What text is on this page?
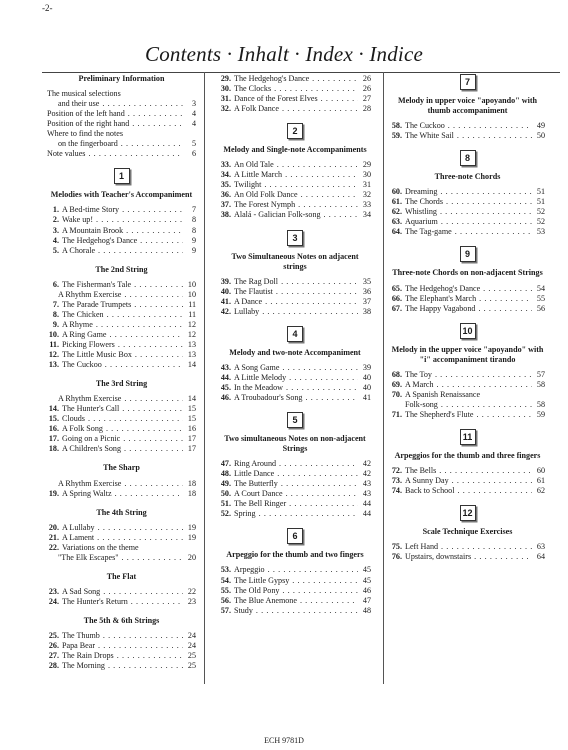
-2-
Contents · Inhalt · Index · Indice
Preliminary Information
The musical selections
and their use . . .	3
Position of the left hand . . .	4
Position of the right hand . . .	4
Where to find the notes
on the fingerboard . . .	5
Note values . . .	6
1
Melodies with Teacher's Accompaniment
1. A Bed-time Story . . .	7
2. Wake up! . . .	8
3. A Mountain Brook . . .	8
4. The Hedgehog's Dance . . .	9
5. A Chorale . . .	9
The 2nd String
6. The Fisherman's Tale . . .	10
A Rhythm Exercise . . .	10
7. The Parade Trumpets . . .	11
8. The Chicken . . .	11
9. A Rhyme . . .	12
10. A Ring Game . . .	12
11. Picking Flowers . . .	13
12. The Little Music Box . . .	13
13. The Cuckoo . . .	14
The 3rd String
A Rhythm Exercise . . .	14
14. The Hunter's Call . . .	15
15. Clouds . . .	15
16. A Folk Song . . .	16
17. Going on a Picnic . . .	17
18. A Children's Song . . .	17
The Sharp
A Rhythm Exercise . . .	18
19. A Spring Waltz . . .	18
The 4th String
20. A Lullaby . . .	19
21. A Lament . . .	19
22. Variations on the theme
"The Elk Escapes" . . .	20
The Flat
23. A Sad Song . . .	22
24. The Hunter's Return . . .	23
The 5th & 6th Strings
25. The Thumb . . .	24
26. Papa Bear . . .	24
27. The Rain Drops . . .	25
28. The Morning . . .	25
29. The Hedgehog's Dance . . .	26
30. The Clocks . . .	26
31. Dance of the Forest Elves . . .	27
32. A Folk Dance . . .	28
2
Melody and Single-note Accompaniments
33. An Old Tale . . .	29
34. A Little March . . .	30
35. Twilight . . .	31
36. An Old Folk Dance . . .	32
37. The Forest Nymph . . .	33
38. Alalá - Galician Folk-song . . .	34
3
Two Simultaneous Notes on adjacent strings
39. The Rag Doll . . .	35
40. The Flautist . . .	36
41. A Dance . . .	37
42. Lullaby . . .	38
4
Melody and two-note Accompaniment
43. A Song Game . . .	39
44. A Little Melody . . .	40
45. In the Meadow . . .	40
46. A Troubadour's Song . . .	41
5
Two simultaneous Notes on non-adjacent Strings
47. Ring Around . . .	42
48. Little Dance . . .	42
49. The Butterfly . . .	43
50. A Court Dance . . .	43
51. The Bell Ringer . . .	44
52. Spring . . .	44
6
Arpeggio for the thumb and two fingers
53. Arpeggio . . .	45
54. The Little Gypsy . . .	45
55. The Old Pony . . .	46
56. The Blue Anemone . . .	47
57. Study . . .	48
7
Melody in upper voice "apoyando" with thumb accompaniment
58. The Cuckoo . . .	49
59. The White Sail . . .	50
8
Three-note Chords
60. Dreaming . . .	51
61. The Chords . . .	51
62. Whistling . . .	52
63. Aquarium . . .	52
64. The Tag-game . . .	53
9
Three-note Chords on non-adjacent Strings
65. The Hedgehog's Dance . . .	54
66. The Elephant's March . . .	55
67. The Happy Vagabond . . .	56
10
Melody in the upper voice "apoyando" with "i" accompaniment tirando
68. The Toy . . .	57
69. A March . . .	58
70. A Spanish Renaissance
Folk-song . . .	58
71. The Shepherd's Flute . . .	59
11
Arpeggios for the thumb and three fingers
72. The Bells . . .	60
73. A Sunny Day . . .	61
74. Back to School . . .	62
12
Scale Technique Exercises
75. Left Hand . . .	63
76. Upstairs, downstairs . . .	64
ECH 9781D
